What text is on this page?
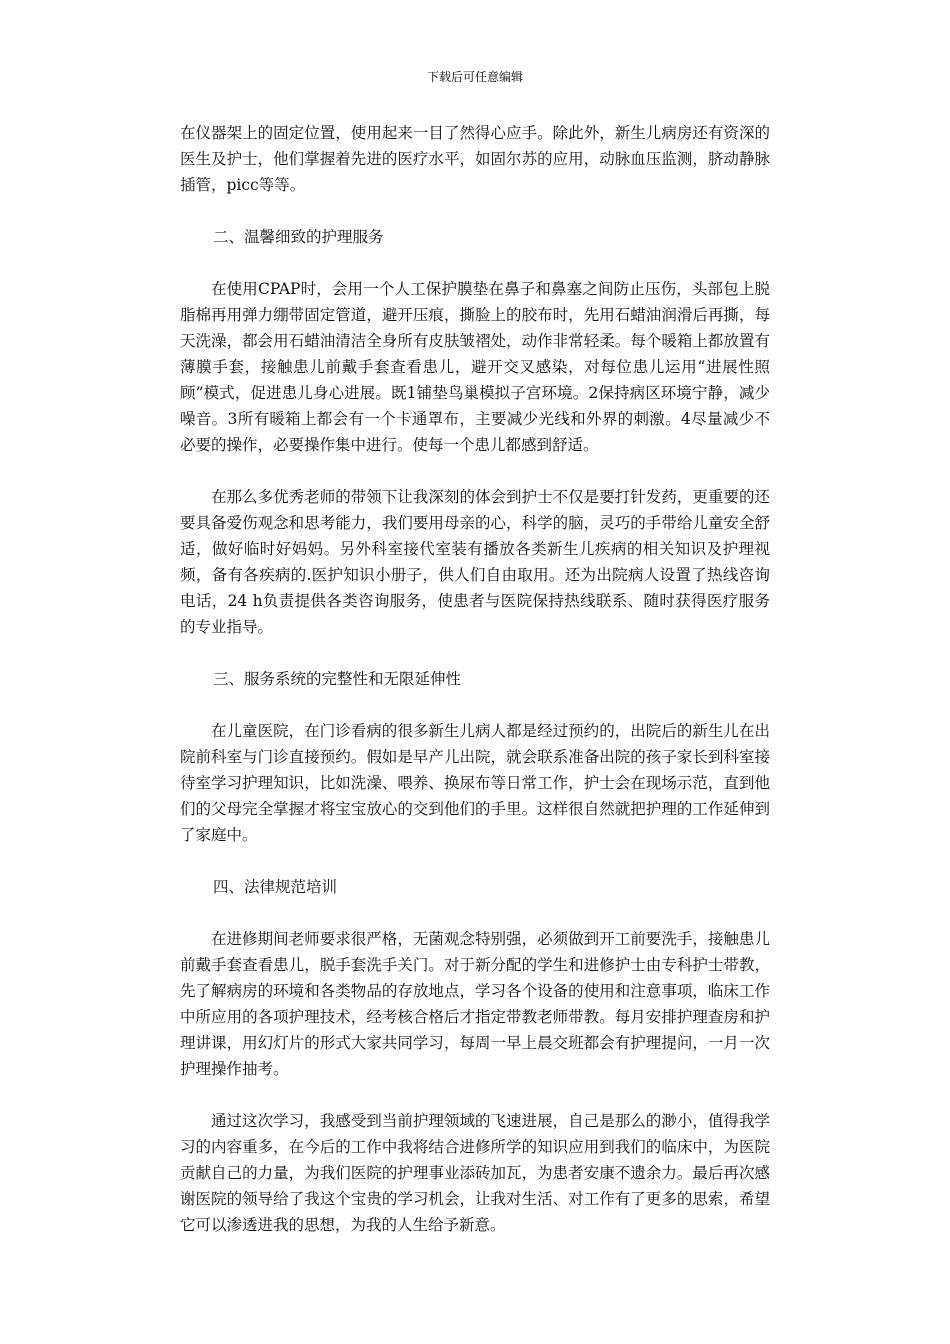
下载后可任意编辑

在仪器架上的固定位置，使用起来一目了然得心应手。除此外，新生儿病房还有资深的医生及护士，他们掌握着先进的医疗水平，如固尔苏的应用，动脉血压监测，脐动静脉插管，picc等等。

二、温馨细致的护理服务

在使用CPAP时，会用一个人工保护膜垫在鼻子和鼻塞之间防止压伤，头部包上脱脂棉再用弹力绷带固定管道，避开压痕，撕脸上的胶布时，先用石蜡油润滑后再撕，每天洗澡，都会用石蜡油清洁全身所有皮肤皱褶处，动作非常轻柔。每个暖箱上都放置有薄膜手套，接触患儿前戴手套查看患儿，避开交叉感染，对每位患儿运用“进展性照顾”模式，促进患儿身心进展。既1铺垫鸟巢模拟子宫环境。2保持病区环境宁静，减少噪音。3所有暖箱上都会有一个卡通罩布，主要减少光线和外界的刺激。4尽量减少不必要的操作，必要操作集中进行。使每一个患儿都感到舒适。

在那么多优秀老师的带领下让我深刻的体会到护士不仅是要打针发药，更重要的还要具备爱伤观念和思考能力，我们要用母亲的心，科学的脑，灵巧的手带给儿童安全舒适，做好临时好妈妈。另外科室接代室装有播放各类新生儿疾病的相关知识及护理视频，备有各疾病的.医护知识小册子，供人们自由取用。还为出院病人设置了热线咨询电话，24 h负责提供各类咨询服务，使患者与医院保持热线联系、随时获得医疗服务的专业指导。

三、服务系统的完整性和无限延伸性

在儿童医院，在门诊看病的很多新生儿病人都是经过预约的，出院后的新生儿在出院前科室与门诊直接预约。假如是早产儿出院，就会联系准备出院的孩子家长到科室接待室学习护理知识，比如洗澡、喂养、换尿布等日常工作，护士会在现场示范，直到他们的父母完全掌握才将宝宝放心的交到他们的手里。这样很自然就把护理的工作延伸到了家庭中。

四、法律规范培训

在进修期间老师要求很严格，无菌观念特别强，必须做到开工前要洗手，接触患儿前戴手套查看患儿，脱手套洗手关门。对于新分配的学生和进修护士由专科护士带教，先了解病房的环境和各类物品的存放地点，学习各个设备的使用和注意事项，临床工作中所应用的各项护理技术，经考核合格后才指定带教老师带教。每月安排护理查房和护理讲课，用幻灯片的形式大家共同学习，每周一早上晨交班都会有护理提问，一月一次护理操作抽考。

通过这次学习，我感受到当前护理领域的飞速进展，自己是那么的渺小，值得我学习的内容重多，在今后的工作中我将结合进修所学的知识应用到我们的临床中，为医院贡献自己的力量，为我们医院的护理事业添砖加瓦，为患者安康不遗余力。最后再次感谢医院的领导给了我这个宝贵的学习机会，让我对生活、对工作有了更多的思索，希望它可以渗透进我的思想，为我的人生给予新意。
